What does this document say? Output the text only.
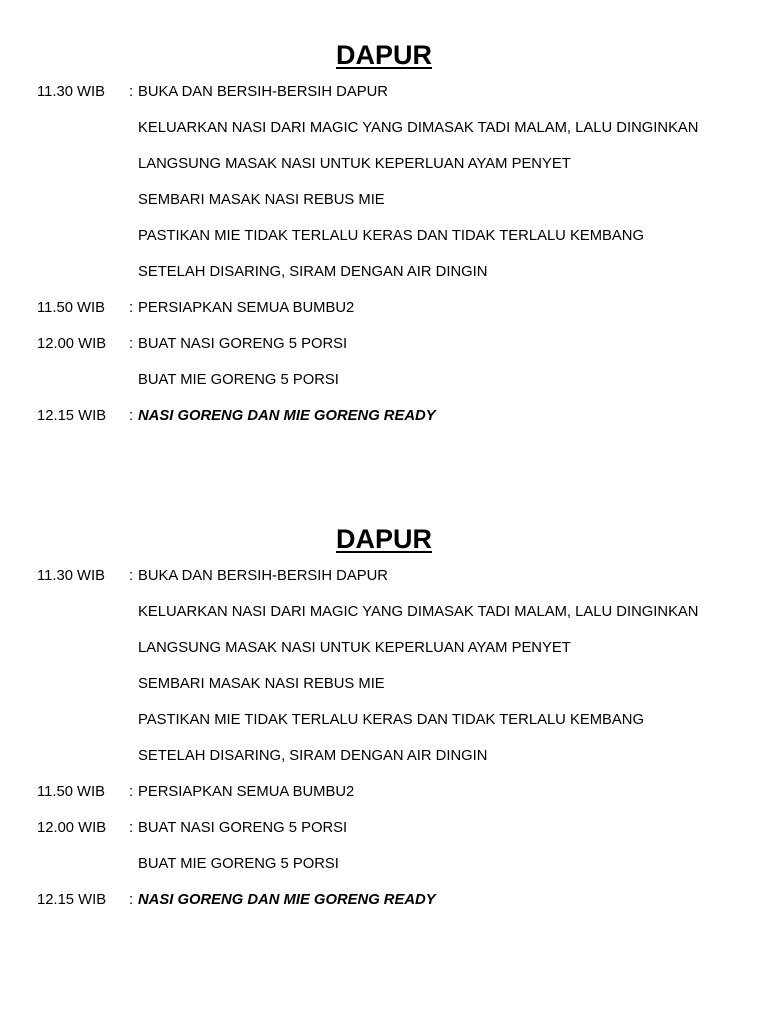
DAPUR
11.30 WIB : BUKA DAN BERSIH-BERSIH DAPUR
KELUARKAN NASI DARI MAGIC YANG DIMASAK TADI MALAM, LALU DINGINKAN
LANGSUNG MASAK NASI UNTUK KEPERLUAN AYAM PENYET
SEMBARI MASAK NASI REBUS MIE
PASTIKAN MIE TIDAK TERLALU KERAS DAN TIDAK TERLALU KEMBANG
SETELAH DISARING, SIRAM DENGAN AIR DINGIN
11.50 WIB : PERSIAPKAN SEMUA BUMBU2
12.00 WIB : BUAT NASI GORENG 5 PORSI
BUAT MIE GORENG 5 PORSI
12.15 WIB : NASI GORENG DAN MIE GORENG READY
DAPUR
11.30 WIB : BUKA DAN BERSIH-BERSIH DAPUR
KELUARKAN NASI DARI MAGIC YANG DIMASAK TADI MALAM, LALU DINGINKAN
LANGSUNG MASAK NASI UNTUK KEPERLUAN AYAM PENYET
SEMBARI MASAK NASI REBUS MIE
PASTIKAN MIE TIDAK TERLALU KERAS DAN TIDAK TERLALU KEMBANG
SETELAH DISARING, SIRAM DENGAN AIR DINGIN
11.50 WIB : PERSIAPKAN SEMUA BUMBU2
12.00 WIB : BUAT NASI GORENG 5 PORSI
BUAT MIE GORENG 5 PORSI
12.15 WIB : NASI GORENG DAN MIE GORENG READY
